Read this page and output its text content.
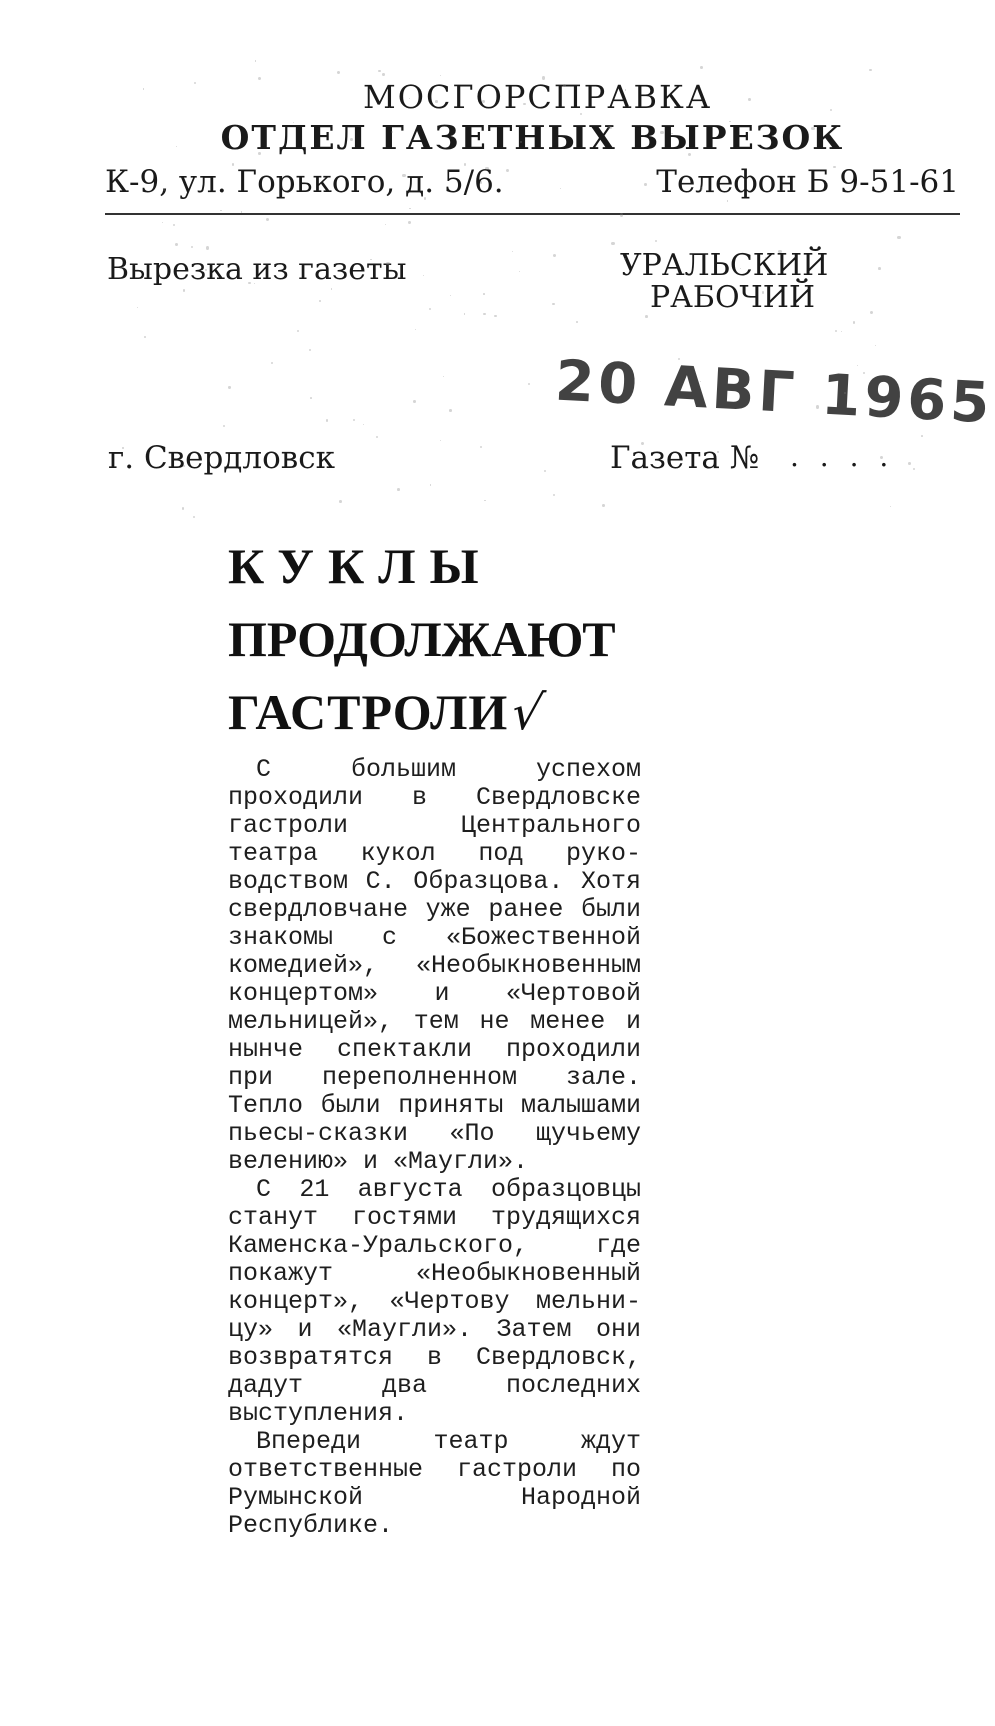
МОСГОРСПРАВКА
ОТДЕЛ ГАЗЕТНЫХ ВЫРЕЗОК
К-9, ул. Горького, д. 5/6.	Телефон Б 9-51-61
Вырезка из газеты	УРАЛЬСКИЙ
РАБОЧИЙ
20 АВГ 1965
г. Свердловск	Газета № . . . .
КУКЛЫ
ПРОДОЛЖАЮТ
ГАСТРОЛИ√

С большим успехом проходили в Свердловске гастроли Центрального театра кукол под руководством С. Образцова. Хотя свердловчане уже ранее были знакомы с «Божественной комедией», «Необыкновенным концертом» и «Чертовой мельницей», тем не менее и нынче спектакли проходили при переполненном зале. Тепло были приняты малышами пьесы-сказки «По щучьему велению» и «Маугли».

С 21 августа образцовцы станут гостями трудящихся Каменска-Уральского, где покажут «Необыкновенный концерт», «Чертову мельницу» и «Маугли». Затем они возвратятся в Свердловск, дадут два последних выступления.

Впереди театр ждут ответственные гастроли по Румынской Народной Республике.
